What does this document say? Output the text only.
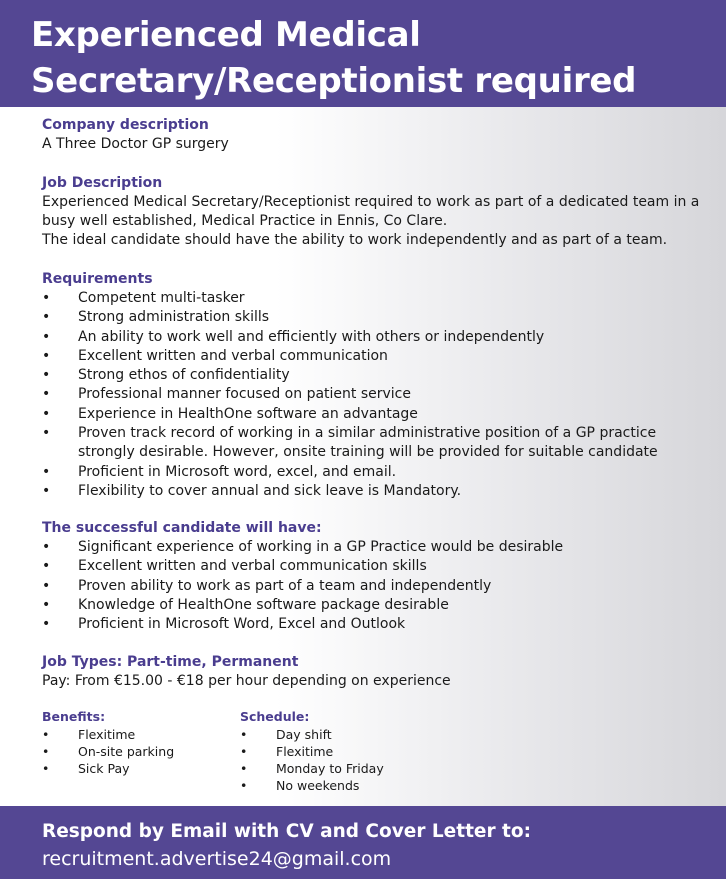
Experienced Medical Secretary/Receptionist required
Company description
A Three Doctor GP surgery
Job Description
Experienced Medical Secretary/Receptionist required to work as part of a dedicated team in a busy well established, Medical Practice in Ennis, Co Clare.
The ideal candidate should have the ability to work independently and as part of a team.
Requirements
• Competent multi-tasker
• Strong administration skills
• An ability to work well and efficiently with others or independently
• Excellent written and verbal communication
• Strong ethos of confidentiality
• Professional manner focused on patient service
• Experience in HealthOne software an advantage
• Proven track record of working in a similar administrative position of a GP practice strongly desirable. However, onsite training will be provided for suitable candidate
• Proficient in Microsoft word, excel, and email.
• Flexibility to cover annual and sick leave is Mandatory.
The successful candidate will have:
• Significant experience of working in a GP Practice would be desirable
• Excellent written and verbal communication skills
• Proven ability to work as part of a team and independently
• Knowledge of HealthOne software package desirable
• Proficient in Microsoft Word, Excel and Outlook
Job Types: Part-time, Permanent
Pay: From €15.00 - €18 per hour depending on experience
Benefits:
• Flexitime
• On-site parking
• Sick Pay
Schedule:
• Day shift
• Flexitime
• Monday to Friday
• No weekends
Respond by Email with CV and Cover Letter to:
recruitment.advertise24@gmail.com
